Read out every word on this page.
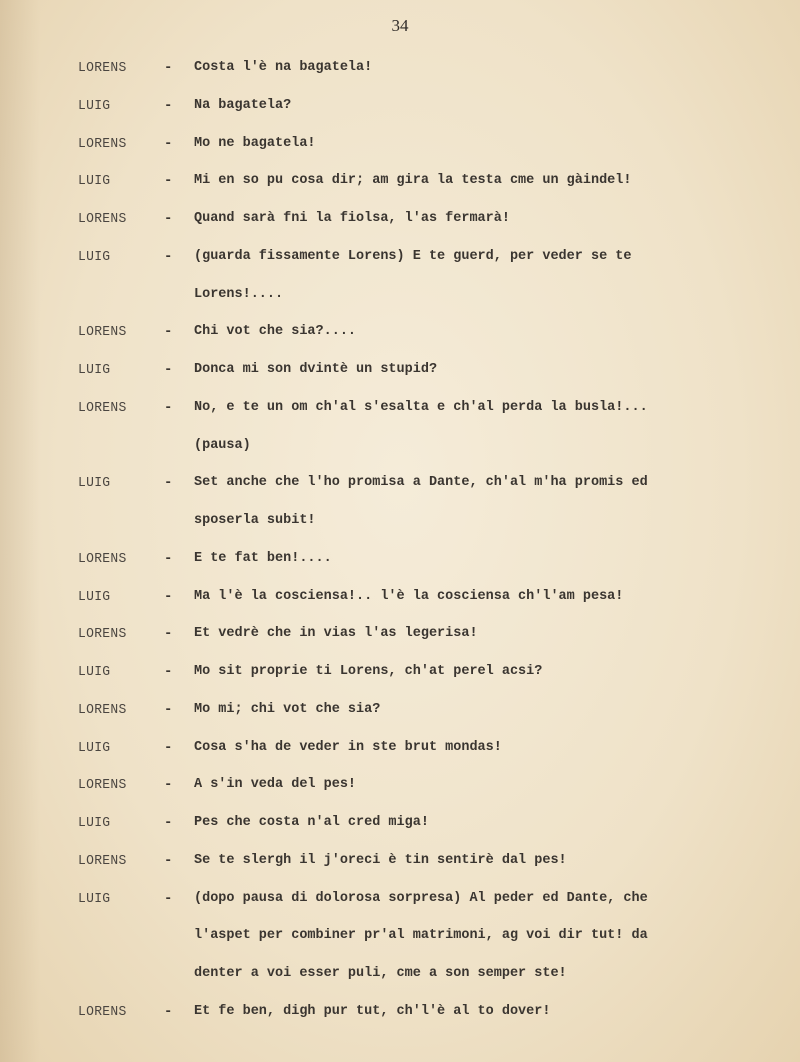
34
LORENS	-	Costa l'è na bagatela!
LUIG	-	Na bagatela?
LORENS	-	Mo ne bagatela!
LUIG	-	Mi en so pu cosa dir; am gira la testa cme un gàindel!
LORENS	-	Quand sarà fni la fiolsa, l'as fermarà!
LUIG	-	(guarda fissamente Lorens) E te guerd, per veder se te
Lorens!....
LORENS	-	Chi vot che sia?....
LUIG	-	Donca mi son dvintè un stupid?
LORENS	-	No, e te un om ch'al s'esalta e ch'al perda la busla!...
(pausa)
LUIG	-	Set anche che l'ho promisa a Dante, ch'al m'ha promis ed
sposerla subit!
LORENS	-	E te fat ben!....
LUIG	-	Ma l'è la cosciensa!.. l'è la cosciensa ch'l'am pesa!
LORENS	-	Et vedrè che in vias l'as legerisa!
LUIG	-	Mo sit proprie ti Lorens, ch'at perel acsi?
LORENS	-	Mo mi; chi vot che sia?
LUIG	-	Cosa s'ha de veder in ste brut mondas!
LORENS	-	A s'in veda del pes!
LUIG	-	Pes che costa n'al cred miga!
LORENS	-	Se te slergh il j'oreci è tin sentirè dal pes!
LUIG	-	(dopo pausa di dolorosa sorpresa) Al peder ed Dante, che
l'aspet per combiner pr'al matrimoni, ag voi dir tut! da
denter a voi esser puli, cme a son semper ste!
LORENS	-	Et fe ben, digh pur tut, ch'l'è al to dover!
